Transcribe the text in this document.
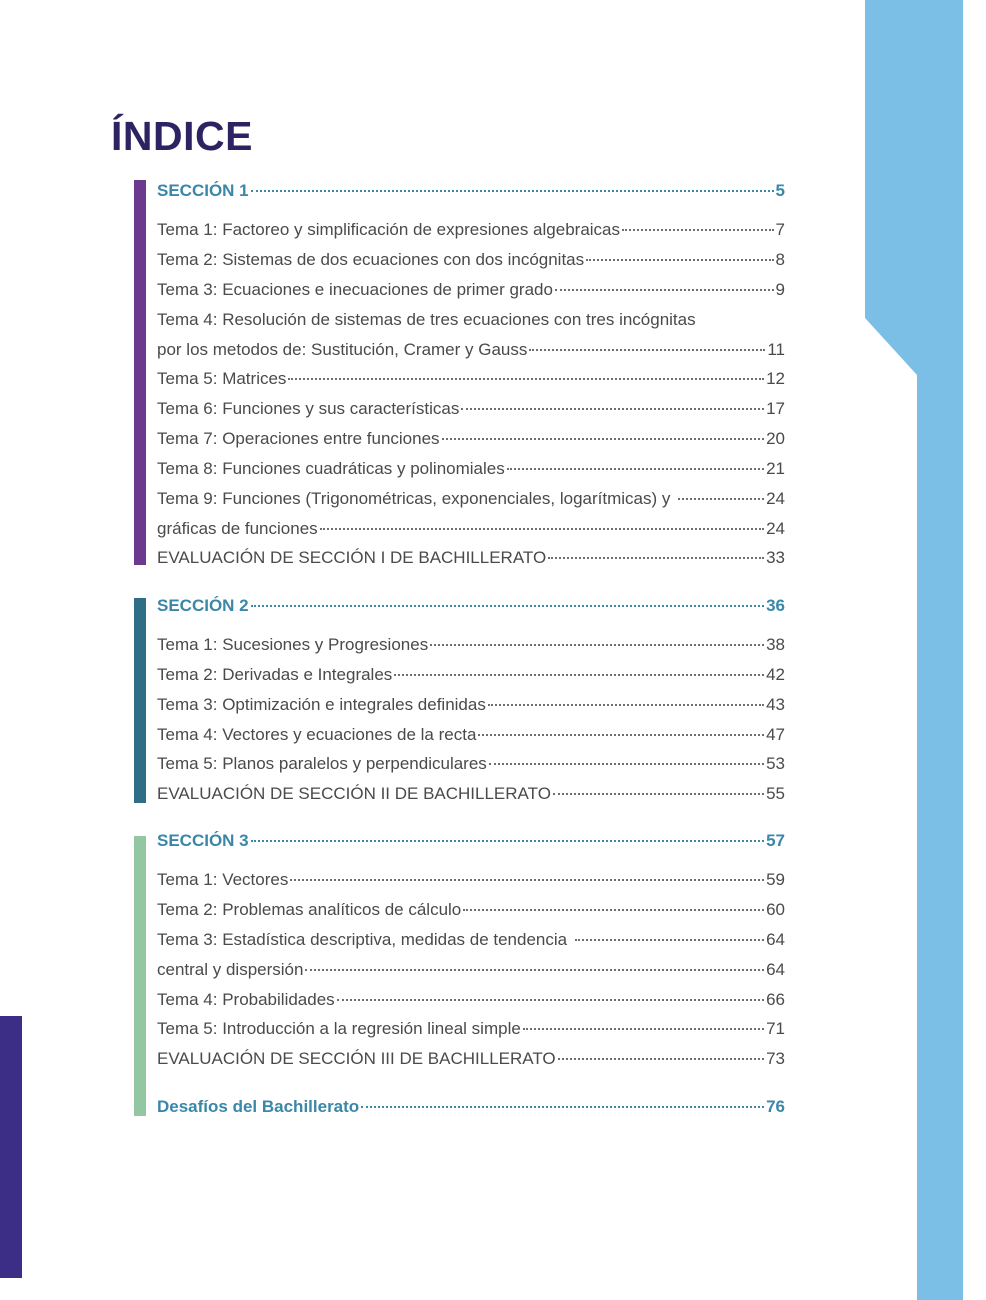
ÍNDICE
SECCIÓN 1	5
Tema 1: Factoreo y simplificación de expresiones algebraicas	7
Tema 2: Sistemas de dos ecuaciones con dos incógnitas	8
Tema 3: Ecuaciones e inecuaciones de primer grado	9
Tema 4: Resolución de sistemas de tres ecuaciones con tres incógnitas
por los metodos de: Sustitución, Cramer y Gauss	11
Tema 5: Matrices	12
Tema 6: Funciones y sus características	17
Tema 7: Operaciones entre funciones	20
Tema 8: Funciones cuadráticas y polinomiales	21
Tema 9: Funciones (Trigonométricas, exponenciales, logarítmicas) y	24
gráficas de funciones	24
EVALUACIÓN DE SECCIÓN I DE BACHILLERATO	33
SECCIÓN 2	36
Tema 1: Sucesiones y Progresiones	38
Tema 2: Derivadas e Integrales	42
Tema 3: Optimización e integrales definidas	43
Tema 4: Vectores y ecuaciones de la recta	47
Tema 5: Planos paralelos y perpendiculares	53
EVALUACIÓN DE SECCIÓN II DE BACHILLERATO	55
SECCIÓN 3	57
Tema 1: Vectores	59
Tema 2: Problemas analíticos de cálculo	60
Tema 3: Estadística descriptiva, medidas de tendencia	64
central y dispersión	64
Tema 4: Probabilidades	66
Tema 5: Introducción a la regresión lineal simple	71
EVALUACIÓN DE SECCIÓN III DE BACHILLERATO	73
Desafíos del Bachillerato	76
